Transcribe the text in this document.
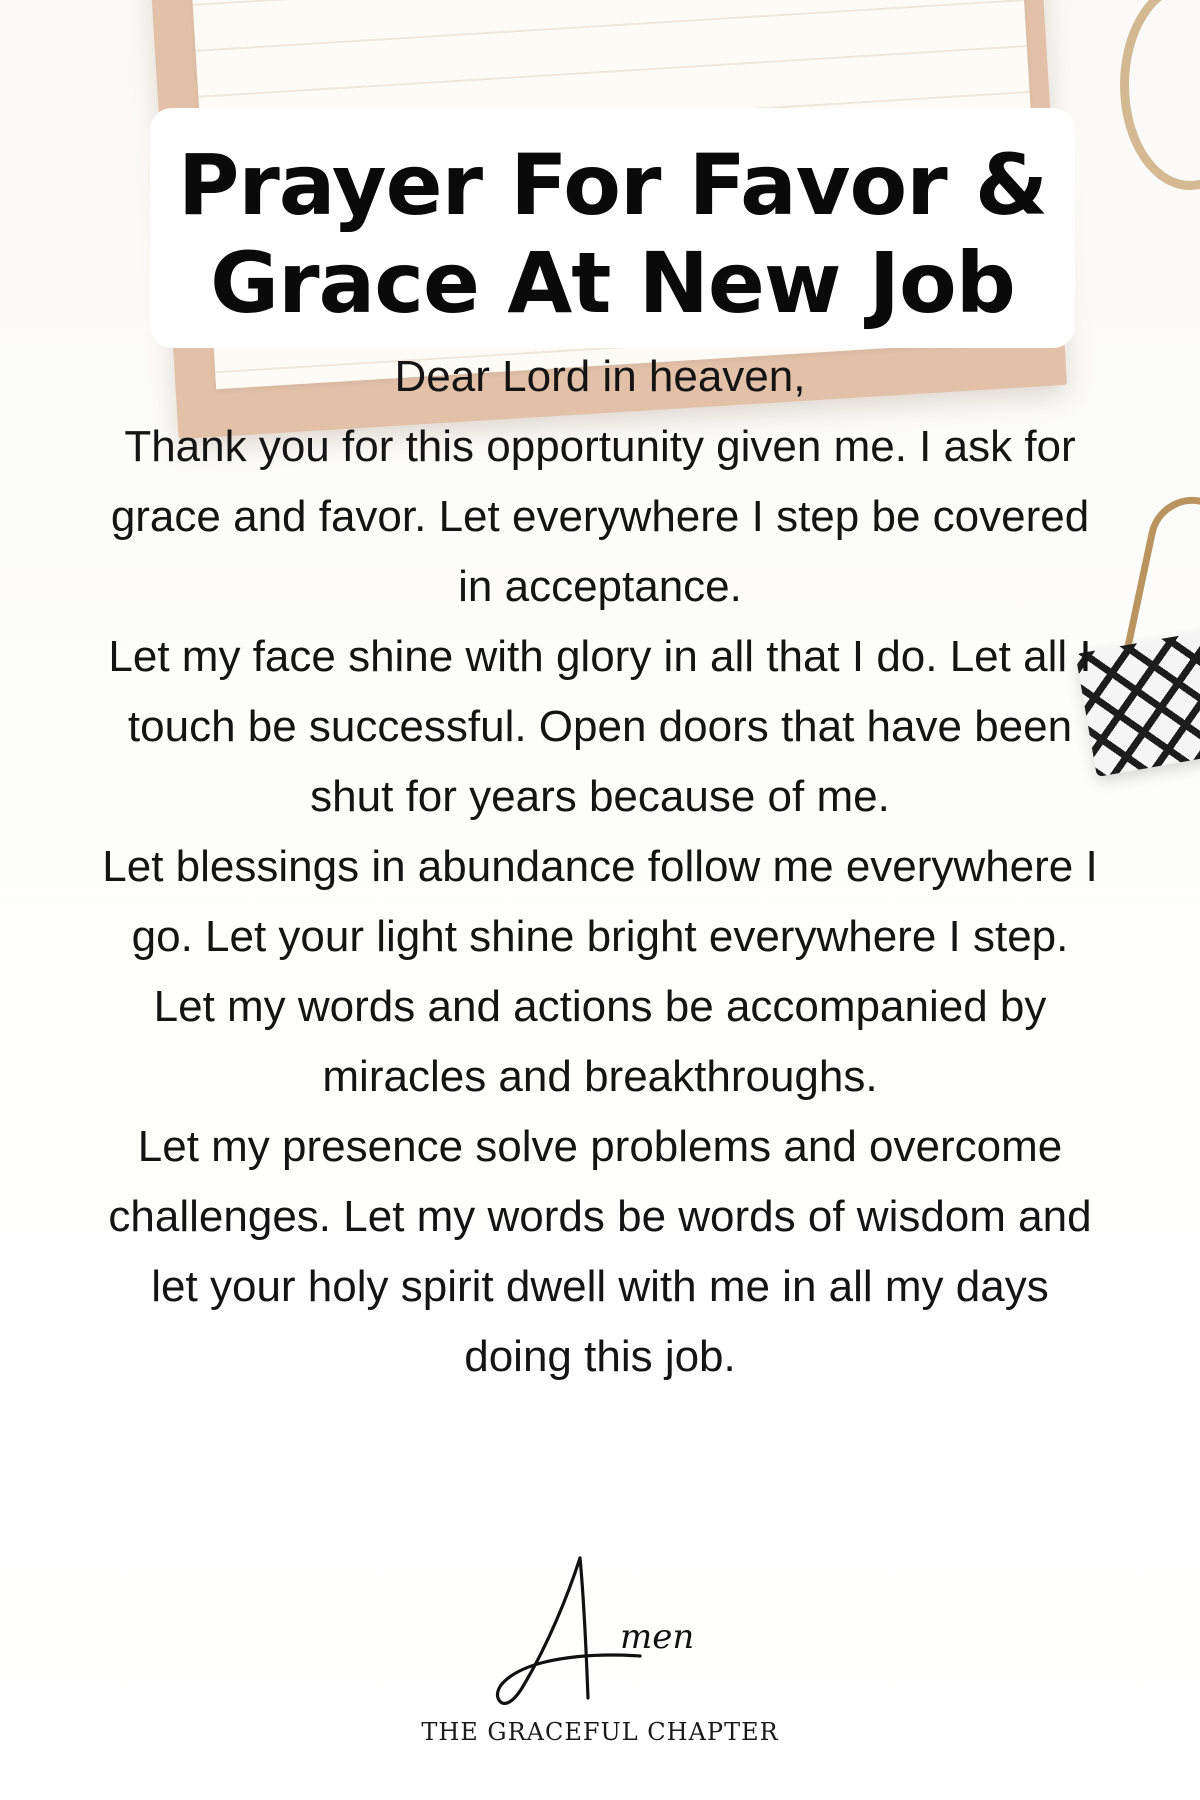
Prayer For Favor &
Grace At New Job

Dear Lord in heaven,

Thank you for this opportunity given me. I ask for grace and favor. Let everywhere I step be covered in acceptance.

Let my face shine with glory in all that I do. Let all I touch be successful. Open doors that have been shut for years because of me.

Let blessings in abundance follow me everywhere I go. Let your light shine bright everywhere I step. Let my words and actions be accompanied by miracles and breakthroughs.

Let my presence solve problems and overcome challenges. Let my words be words of wisdom and let your holy spirit dwell with me in all my days doing this job.

men
THE GRACEFUL CHAPTER
